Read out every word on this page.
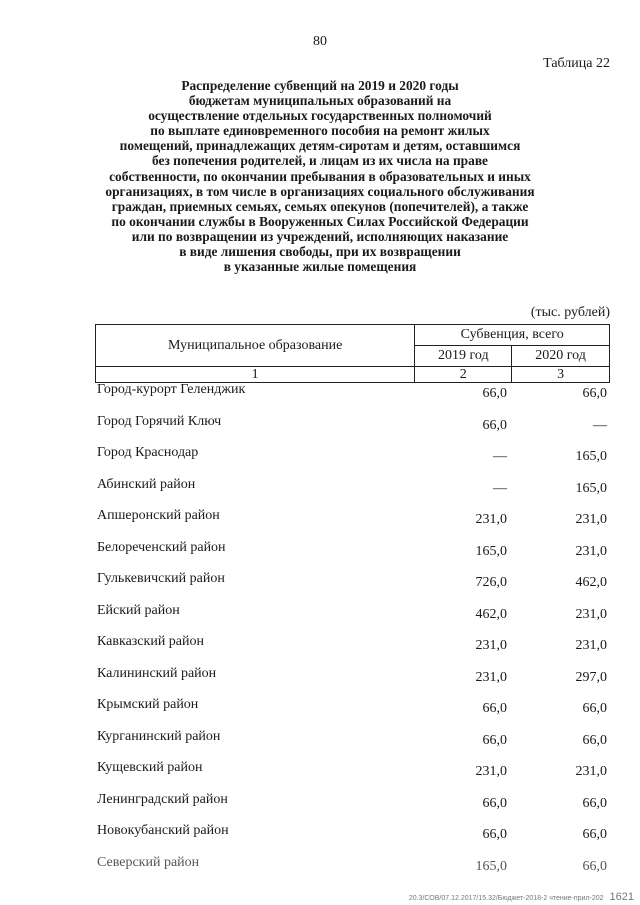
80
Таблица 22

Распределение субвенций на 2019 и 2020 годы
бюджетам муниципальных образований на
осуществление отдельных государственных полномочий
по выплате единовременного пособия на ремонт жилых
помещений, принадлежащих детям-сиротам и детям, оставшимся
без попечения родителей, и лицам из их числа на праве
собственности, по окончании пребывания в образовательных и иных
организациях, в том числе в организациях социального обслуживания
граждан, приемных семьях, семьях опекунов (попечителей), а также
по окончании службы в Вооруженных Силах Российской Федерации
или по возвращении из учреждений, исполняющих наказание
в виде лишения свободы, при их возвращении
в указанные жилые помещения

(тыс. рублей)
Муниципальное образование	Субвенция, всего	
	2019 год	2020 год
1	2	3
Город-курорт Геленджик	66,0	66,0
Город Горячий Ключ	66,0	—
Город Краснодар	—	165,0
Абинский район	—	165,0
Апшеронский район	231,0	231,0
Белореченский район	165,0	231,0
Гулькевичский район	726,0	462,0
Ейский район	462,0	231,0
Кавказский район	231,0	231,0
Калининский район	231,0	297,0
Крымский район	66,0	66,0
Курганинский район	66,0	66,0
Кущевский район	231,0	231,0
Ленинградский район	66,0	66,0
Новокубанский район	66,0	66,0
Северский район	165,0	66,0
20.3/СОВ/07.12.2017/15.32/Бюджет-2018-2 чтение-прил-202 1621
